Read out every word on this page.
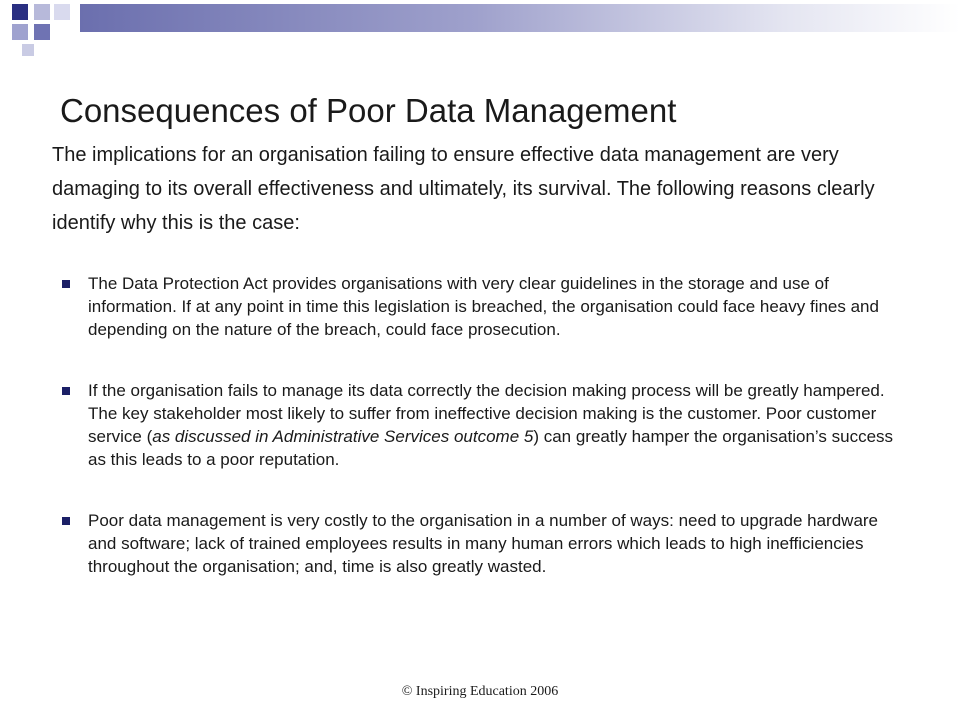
Consequences of Poor Data Management
The implications for an organisation failing to ensure effective data management are very damaging to its overall effectiveness and ultimately, its survival. The following reasons clearly identify why this is the case:
The Data Protection Act provides organisations with very clear guidelines in the storage and use of information. If at any point in time this legislation is breached, the organisation could face heavy fines and depending on the nature of the breach, could face prosecution.
If the organisation fails to manage its data correctly the decision making process will be greatly hampered. The key stakeholder most likely to suffer from ineffective decision making is the customer. Poor customer service (as discussed in Administrative Services outcome 5) can greatly hamper the organisation’s success as this leads to a poor reputation.
Poor data management is very costly to the organisation in a number of ways: need to upgrade hardware and software; lack of trained employees results in many human errors which leads to high inefficiencies throughout the organisation; and, time is also greatly wasted.
© Inspiring Education 2006
